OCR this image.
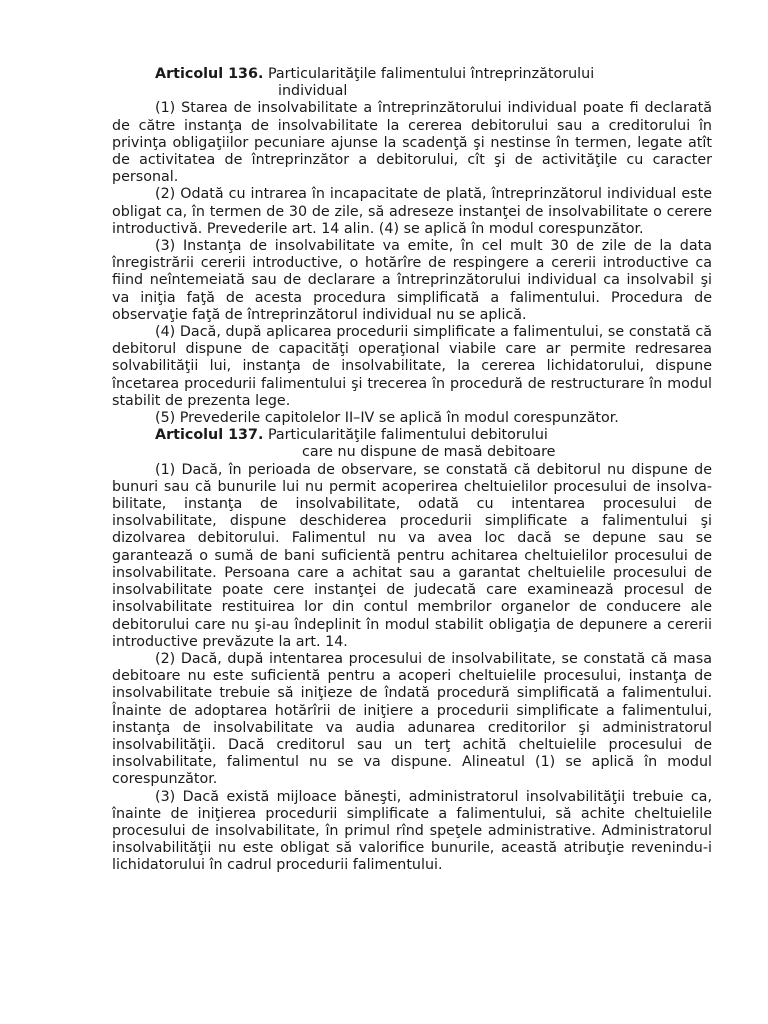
Articolul 136. Particularităţile falimentului întreprinzătorului
individual

(1) Starea de insolvabilitate a întreprinzătorului individual poate fi declarată de către instanţa de insolvabilitate la cererea debitorului sau a creditorului în privinţa obligaţiilor pecuniare ajunse la scadenţă şi nestinse în termen, legate atît de activitatea de întreprinzător a debitorului, cît şi de activităţile cu caracter personal.

(2) Odată cu intrarea în incapacitate de plată, întreprinzătorul individual este obligat ca, în termen de 30 de zile, să adreseze instanţei de insolvabilitate o cerere introductivă. Prevederile art. 14 alin. (4) se aplică în modul corespunzător.

(3) Instanţa de insolvabilitate va emite, în cel mult 30 de zile de la data înregistrării cererii introductive, o hotărîre de respingere a cererii introductive ca fiind neîntemeiată sau de declarare a întreprinzătorului individual ca insolvabil şi va iniţia faţă de acesta procedura simplificată a falimentului. Procedura de observaţie faţă de întreprinzătorul individual nu se aplică.

(4) Dacă, după aplicarea procedurii simplificate a falimentului, se constată că debitorul dispune de capacităţi operaţional viabile care ar permite redresarea solvabilităţii lui, instanţa de insolvabilitate, la cererea lichidatorului, dispune încetarea procedurii falimentului şi trecerea în procedură de restructurare în modul stabilit de prezenta lege.

(5) Prevederile capitolelor II–IV se aplică în modul corespunzător.

Articolul 137. Particularităţile falimentului debitorului
care nu dispune de masă debitoare

(1) Dacă, în perioada de observare, se constată că debitorul nu dispune de bunuri sau că bunurile lui nu permit acoperirea cheltuielilor procesului de insolva-bilitate, instanţa de insolvabilitate, odată cu intentarea procesului de insolvabilitate, dispune deschiderea procedurii simplificate a falimentului şi dizolvarea debitorului. Falimentul nu va avea loc dacă se depune sau se garantează o sumă de bani suficientă pentru achitarea cheltuielilor procesului de insolvabilitate. Persoana care a achitat sau a garantat cheltuielile procesului de insolvabilitate poate cere instanţei de judecată care examinează procesul de insolvabilitate restituirea lor din contul membrilor organelor de conducere ale debitorului care nu şi-au îndeplinit în modul stabilit obligaţia de depunere a cererii introductive prevăzute la art. 14.

(2) Dacă, după intentarea procesului de insolvabilitate, se constată că masa debitoare nu este suficientă pentru a acoperi cheltuielile procesului, instanţa de insolvabilitate trebuie să iniţieze de îndată procedură simplificată a falimentului. Înainte de adoptarea hotărîrii de iniţiere a procedurii simplificate a falimentului, instanţa de insolvabilitate va audia adunarea creditorilor şi administratorul insolvabilităţii. Dacă creditorul sau un terţ achită cheltuielile procesului de insolvabilitate, falimentul nu se va dispune. Alineatul (1) se aplică în modul corespunzător.

(3) Dacă există mijloace băneşti, administratorul insolvabilităţii trebuie ca, înainte de iniţierea procedurii simplificate a falimentului, să achite cheltuielile procesului de insolvabilitate, în primul rînd speţele administrative. Administratorul insolvabilităţii nu este obligat să valorifice bunurile, această atribuţie revenindu-i lichidatorului în cadrul procedurii falimentului.
